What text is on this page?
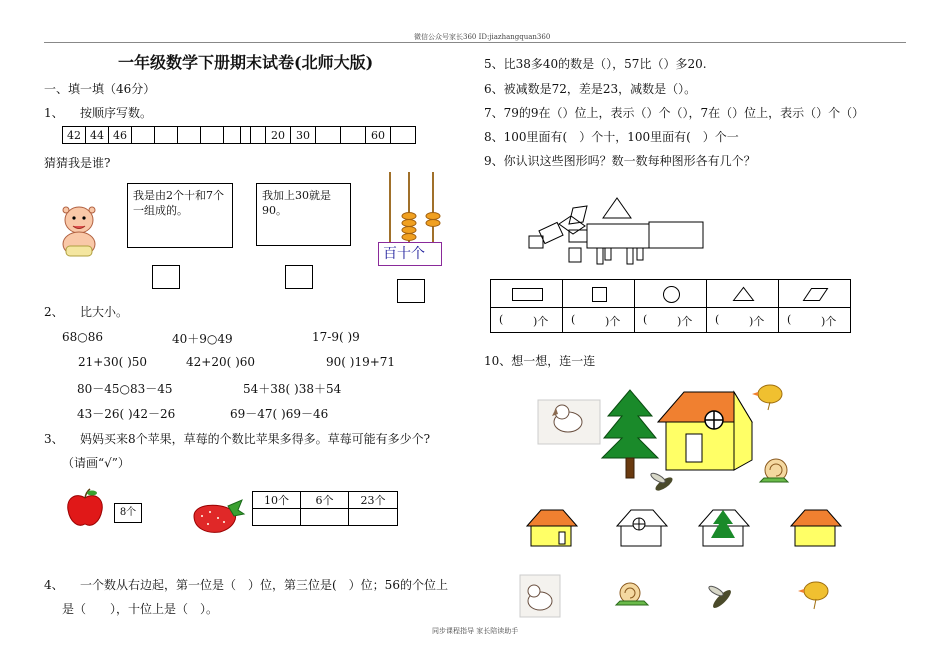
微信公众号家长360 ID:jiazhangquan360
一年级数学下册期末试卷(北师大版)
一、填一填（46分）
1、 按顺序写数。
42 44 46	20	30	60
猜猜我是谁?
我是由2个十和7个一组成的。
我加上30就是90。
百十个
2、 比大小。
68○86	40＋9○49	17-9( )9
21+30( )50	42+20( )60	90( )19+71
80－45○83－45	54＋38( )38＋54
43－26( )42－26	69－47( )69－46
3、 妈妈买来8个苹果，草莓的个数比苹果多得多。草莓可能有多少个?
（请画“√”）
8个
10个	6个	23个
4、 一个数从右边起，第一位是（　）位，第三位是(　）位；56的个位上
是（　　），十位上是（　）。
5、比38多40的数是（），57比（）多20.
6、被减数是72，差是23，减数是（）。
7、79的9在（）位上，表示（）个（），7在（）位上，表示（）个（）
8、100里面有(　）个十，100里面有(　）个一
9、你认识这些图形吗？数一数每种图形各有几个？
(	)个 (	)个 (	)个 (	)个 (	)个
10、想一想，连一连
同步课程指导 家长陪读助手
